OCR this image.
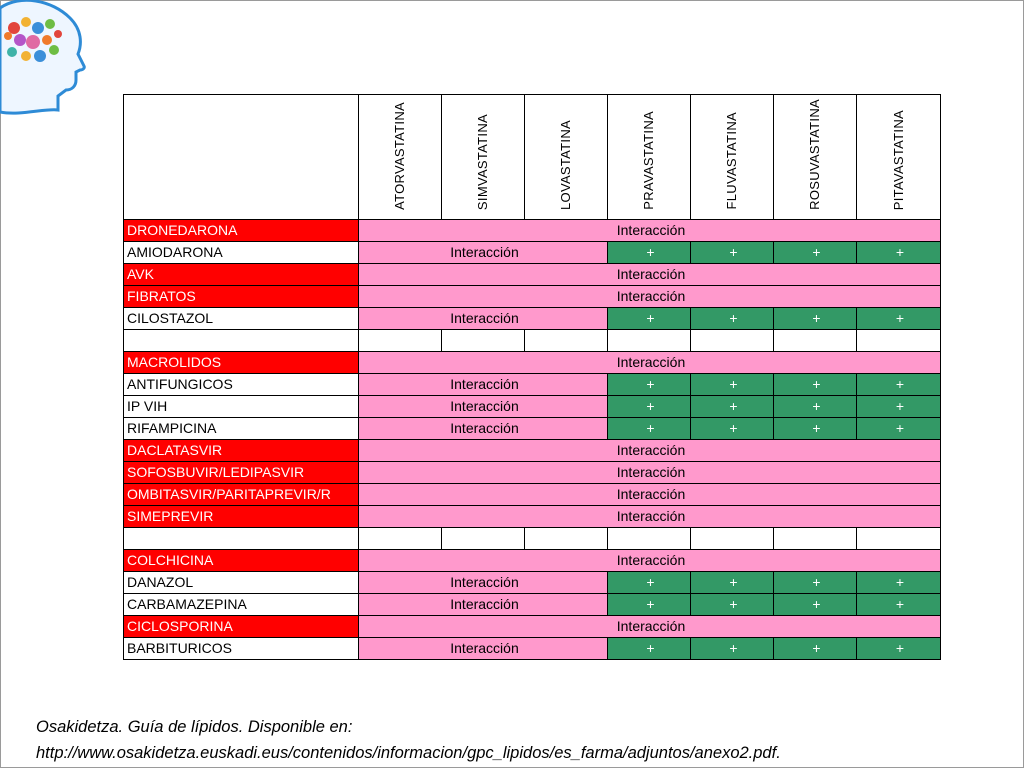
	ATORVASTATINA	SIMVASTATINA	LOVASTATINA	PRAVASTATINA	FLUVASTATINA	ROSUVASTATINA	PITAVASTATINA
DRONEDARONA	Interacción						
AMIODARONA	Interacción			+	+	+	+
AVK	Interacción						
FIBRATOS	Interacción						
CILOSTAZOL	Interacción			+	+	+	+

MACROLIDOS	Interacción						
ANTIFUNGICOS	Interacción			+	+	+	+
IP VIH	Interacción			+	+	+	+
RIFAMPICINA	Interacción			+	+	+	+
DACLATASVIR	Interacción						
SOFOSBUVIR/LEDIPASVIR	Interacción						
OMBITASVIR/PARITAPREVIR/R	Interacción						
SIMEPREVIR	Interacción						

COLCHICINA	Interacción						
DANAZOL	Interacción			+	+	+	+
CARBAMAZEPINA	Interacción			+	+	+	+
CICLOSPORINA	Interacción						
BARBITURICOS	Interacción			+	+	+	+
Osakidetza. Guía de lípidos. Disponible en:
http://www.osakidetza.euskadi.eus/contenidos/informacion/gpc_lipidos/es_farma/adjuntos/anexo2.pdf.
